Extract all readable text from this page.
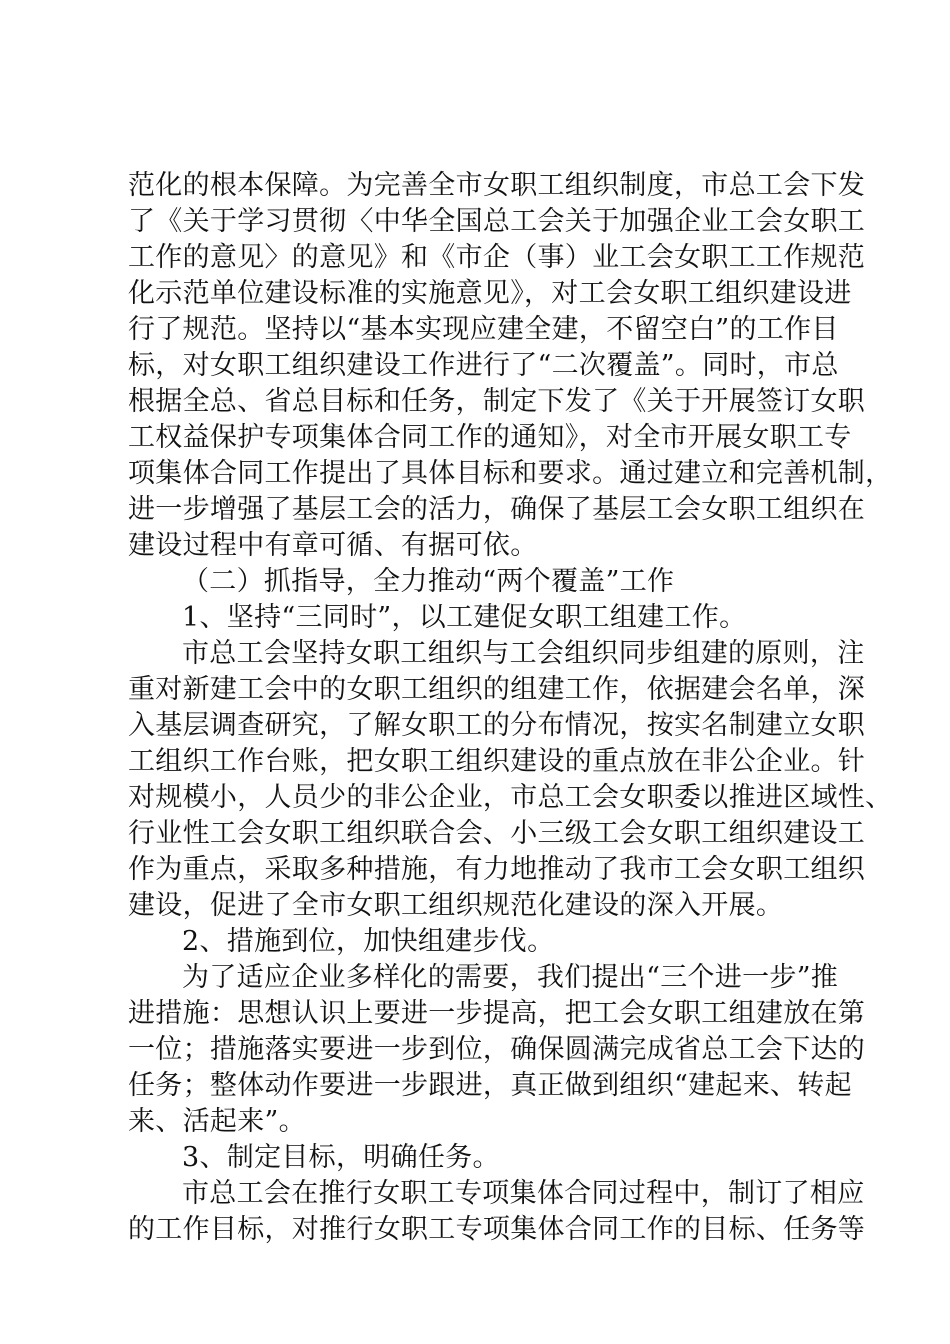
范化的根本保障。为完善全市女职工组织制度，市总工会下发
了《关于学习贯彻〈中华全国总工会关于加强企业工会女职工
工作的意见〉的意见》和《市企（事）业工会女职工工作规范
化示范单位建设标准的实施意见》，对工会女职工组织建设进
行了规范。坚持以“基本实现应建全建，不留空白”的工作目
标，对女职工组织建设工作进行了“二次覆盖”。同时，市总
根据全总、省总目标和任务，制定下发了《关于开展签订女职
工权益保护专项集体合同工作的通知》，对全市开展女职工专
项集体合同工作提出了具体目标和要求。通过建立和完善机制，
进一步增强了基层工会的活力，确保了基层工会女职工组织在
建设过程中有章可循、有据可依。
（二）抓指导，全力推动“两个覆盖”工作
1、坚持“三同时”，以工建促女职工组建工作。
市总工会坚持女职工组织与工会组织同步组建的原则，注
重对新建工会中的女职工组织的组建工作，依据建会名单，深
入基层调查研究，了解女职工的分布情况，按实名制建立女职
工组织工作台账，把女职工组织建设的重点放在非公企业。针
对规模小，人员少的非公企业，市总工会女职委以推进区域性、
行业性工会女职工组织联合会、小三级工会女职工组织建设工
作为重点，采取多种措施，有力地推动了我市工会女职工组织
建设，促进了全市女职工组织规范化建设的深入开展。
2、措施到位，加快组建步伐。
为了适应企业多样化的需要，我们提出“三个进一步”推
进措施：思想认识上要进一步提高，把工会女职工组建放在第
一位；措施落实要进一步到位，确保圆满完成省总工会下达的
任务；整体动作要进一步跟进，真正做到组织“建起来、转起
来、活起来”。
3、制定目标，明确任务。
市总工会在推行女职工专项集体合同过程中，制订了相应
的工作目标，对推行女职工专项集体合同工作的目标、任务等
